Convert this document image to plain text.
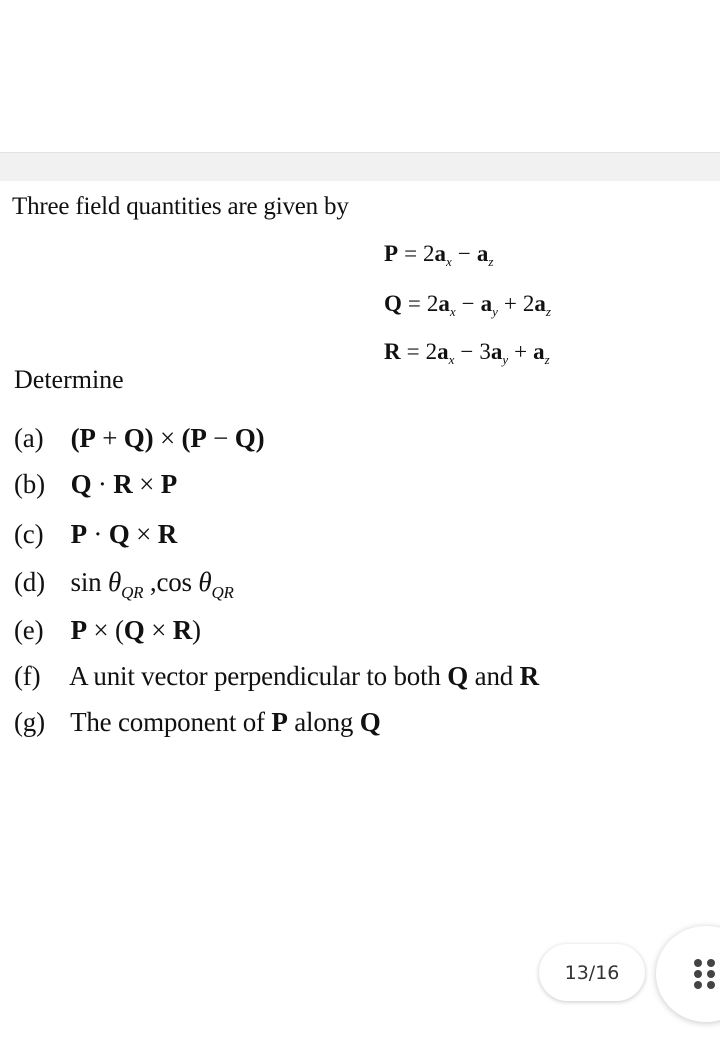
Three field quantities are given by
$P = 2a_x - a_z$
$Q = 2a_x - a_y + 2a_z$
$R = 2a_x - 3a_y + a_z$
Determine
(a) (P + Q) × (P − Q)
(b) Q · R × P
(c) P · Q × R
(d) $\sin \theta_{QR}$ ,cos $\theta_{QR}$
(e) P × (Q × R)
(f) A unit vector perpendicular to both Q and R
(g) The component of P along Q
13/16
